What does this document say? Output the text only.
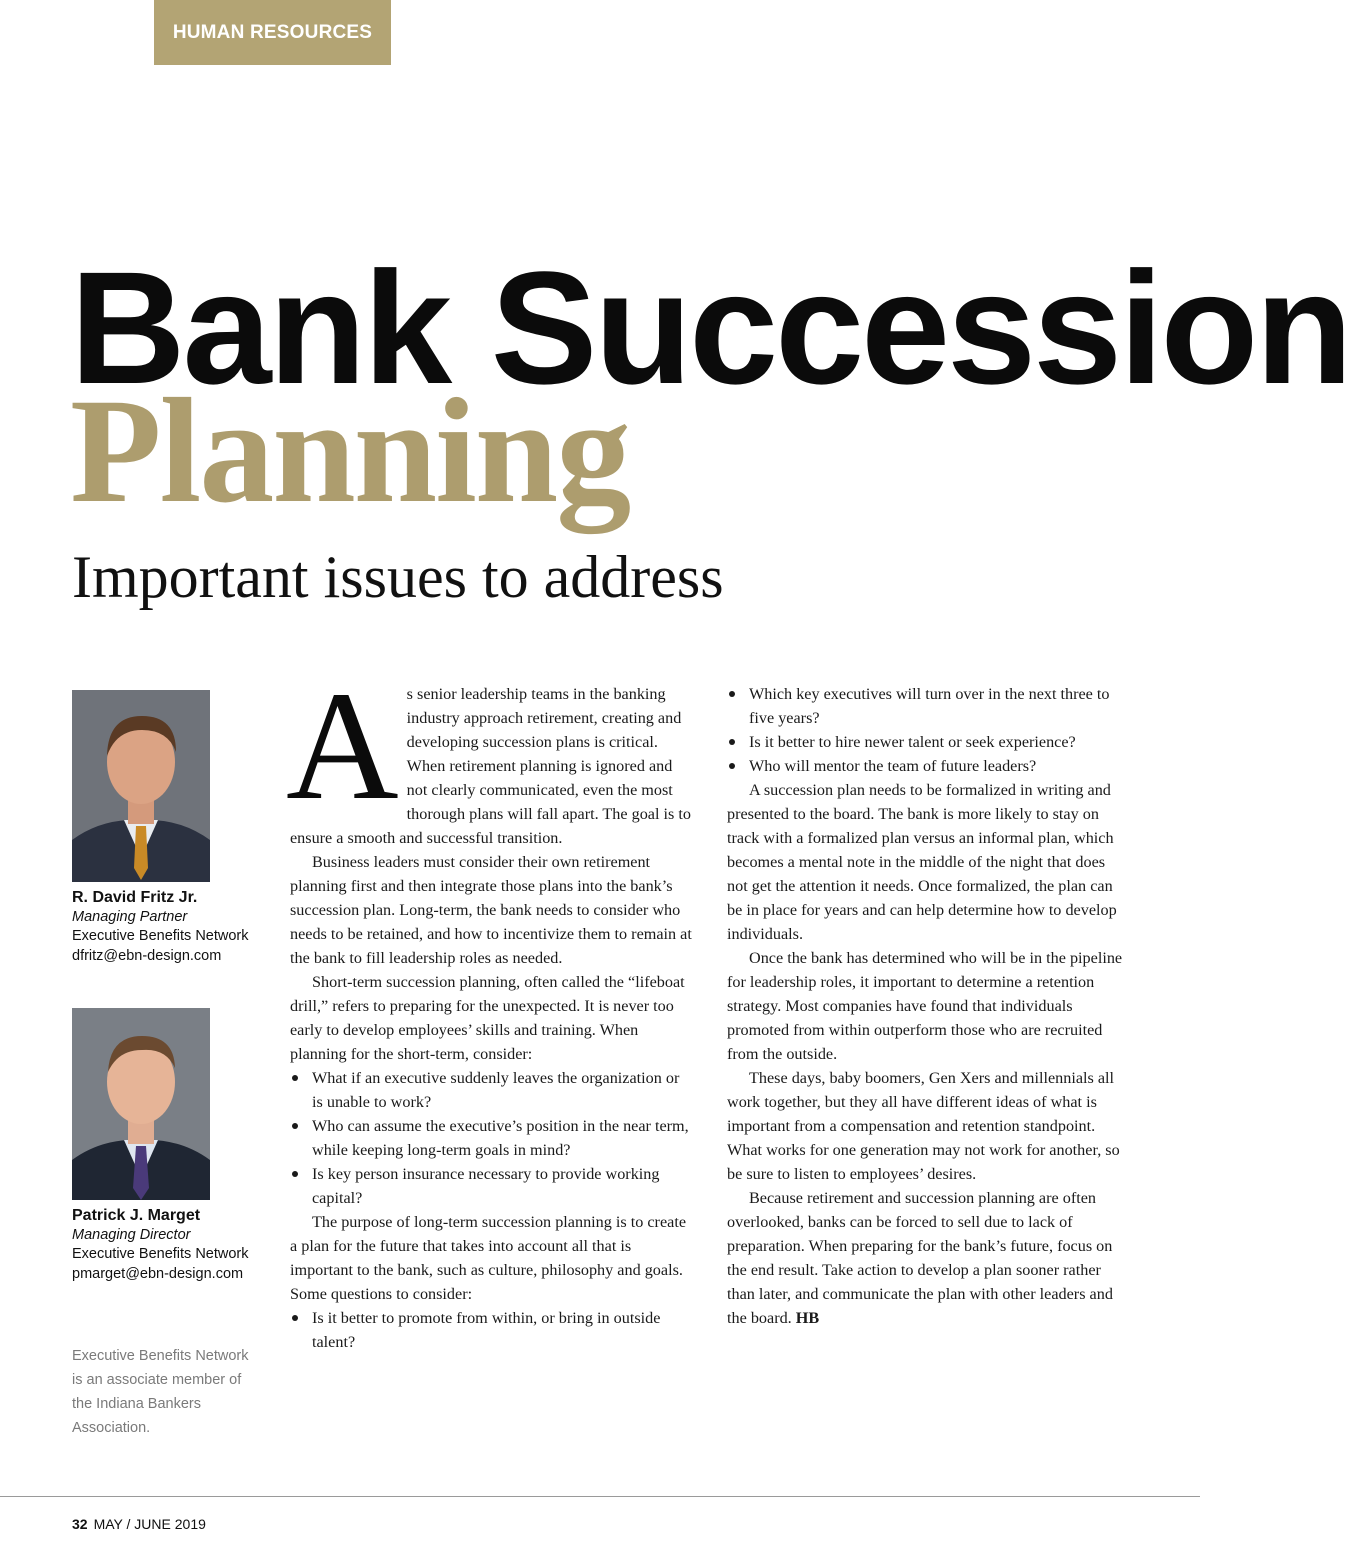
HUMAN RESOURCES
Bank Succession
Planning
Important issues to address
R. David Fritz Jr.
Managing Partner
Executive Benefits Network
dfritz@ebn-design.com
Patrick J. Marget
Managing Director
Executive Benefits Network
pmarget@ebn-design.com
Executive Benefits Network is an associate member of the Indiana Bankers Association.

As senior leadership teams in the banking industry approach retirement, creating and developing succession plans is critical. When retirement planning is ignored and not clearly communicated, even the most thorough plans will fall apart. The goal is to ensure a smooth and successful transition.

Business leaders must consider their own retirement planning first and then integrate those plans into the bank’s succession plan. Long-term, the bank needs to consider who needs to be retained, and how to incentivize them to remain at the bank to fill leadership roles as needed.

Short-term succession planning, often called the “lifeboat drill,” refers to preparing for the unexpected. It is never too early to develop employees’ skills and training. When planning for the short-term, consider:

What if an executive suddenly leaves the organization or is unable to work?
Who can assume the executive’s position in the near term, while keeping long-term goals in mind?
Is key person insurance necessary to provide working capital?

The purpose of long-term succession planning is to create a plan for the future that takes into account all that is important to the bank, such as culture, philosophy and goals. Some questions to consider:

Is it better to promote from within, or bring in outside talent?
Which key executives will turn over in the next three to five years?
Is it better to hire newer talent or seek experience?
Who will mentor the team of future leaders?

A succession plan needs to be formalized in writing and presented to the board. The bank is more likely to stay on track with a formalized plan versus an informal plan, which becomes a mental note in the middle of the night that does not get the attention it needs. Once formalized, the plan can be in place for years and can help determine how to develop individuals.

Once the bank has determined who will be in the pipeline for leadership roles, it important to determine a retention strategy. Most companies have found that individuals promoted from within outperform those who are recruited from the outside.

These days, baby boomers, Gen Xers and millennials all work together, but they all have different ideas of what is important from a compensation and retention standpoint. What works for one generation may not work for another, so be sure to listen to employees’ desires.

Because retirement and succession planning are often overlooked, banks can be forced to sell due to lack of preparation. When preparing for the bank’s future, focus on the end result. Take action to develop a plan sooner rather than later, and communicate the plan with other leaders and the board. HB

32 MAY / JUNE 2019
